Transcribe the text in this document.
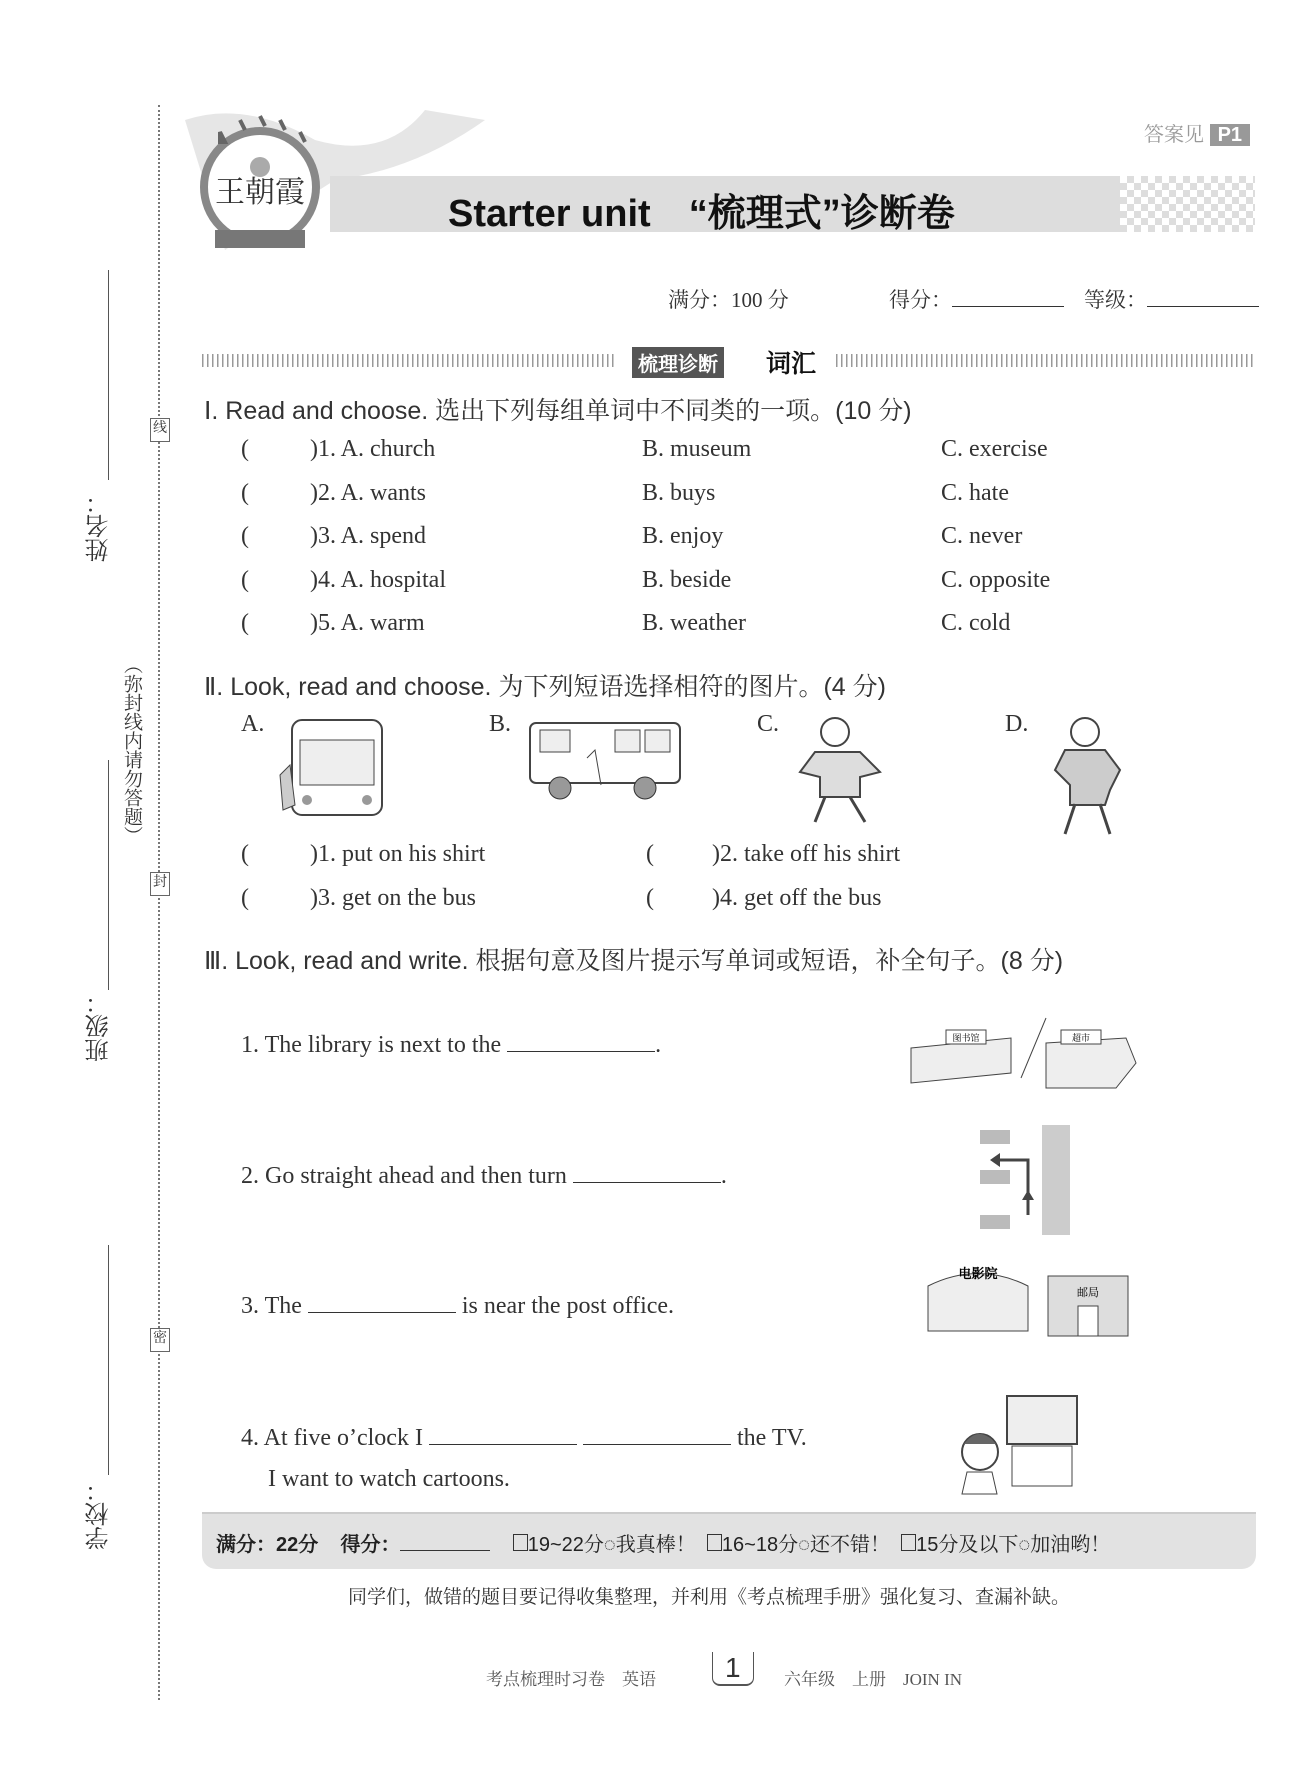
姓名：
班级：
学校：
（弥封线内请勿答题）
线
封
密
王朝霞
答案见 P1
Starter unit　“梳理式”诊断卷
满分：100 分	得分：	等级：
梳理诊断 词汇
Ⅰ. Read and choose. 选出下列每组单词中不同类的一项。(10 分)
(	)1. A. church	B. museum	C. exercise
(	)2. A. wants	B. buys	C. hate
(	)3. A. spend	B. enjoy	C. never
(	)4. A. hospital	B. beside	C. opposite
(	)5. A. warm	B. weather	C. cold
Ⅱ. Look, read and choose. 为下列短语选择相符的图片。(4 分)
A.	B.	C.	D.
(	)1. put on his shirt	( )2. take off his shirt
(	)3. get on the bus	( )4. get off the bus
Ⅲ. Look, read and write. 根据句意及图片提示写单词或短语，补全句子。(8 分)
1. The library is next to the	.	图书馆	超市
2. Go straight ahead and then turn	.
3. The	is near the post office.
电影院
邮局
4. At five o’clock I	the TV.
I want to watch cartoons.
满分：22分 得分：	19~22分◌我真棒！ 16~18分◌还不错！ 15分及以下◌加油哟！
同学们，做错的题目要记得收集整理，并利用《考点梳理手册》强化复习、查漏补缺。
考点梳理时习卷　英语	1	六年级　上册　JOIN IN
